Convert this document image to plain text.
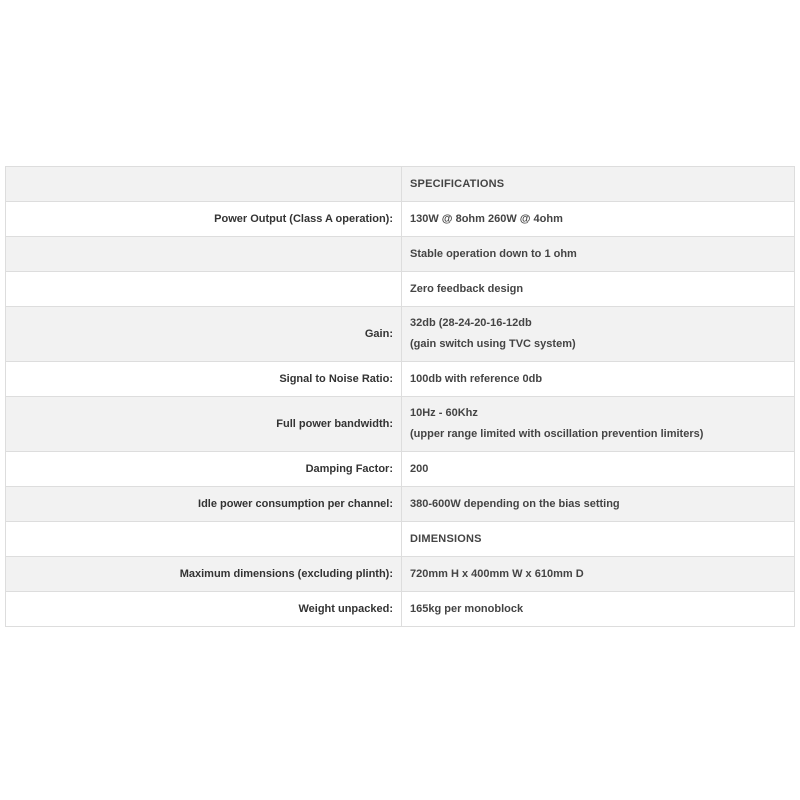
	SPECIFICATIONS
Power Output (Class A operation):	130W @ 8ohm 260W @ 4ohm
	Stable operation down to 1 ohm
	Zero feedback design
Gain:	32db (28-24-20-16-12db
(gain switch using TVC system)

Signal to Noise Ratio:	100db with reference 0db
Full power bandwidth:	10Hz - 60Khz
(upper range limited with oscillation prevention limiters)

Damping Factor:	200
Idle power consumption per channel:	380-600W depending on the bias setting
	DIMENSIONS
Maximum dimensions (excluding plinth):	720mm H x 400mm W x 610mm D
Weight unpacked:	165kg per monoblock
